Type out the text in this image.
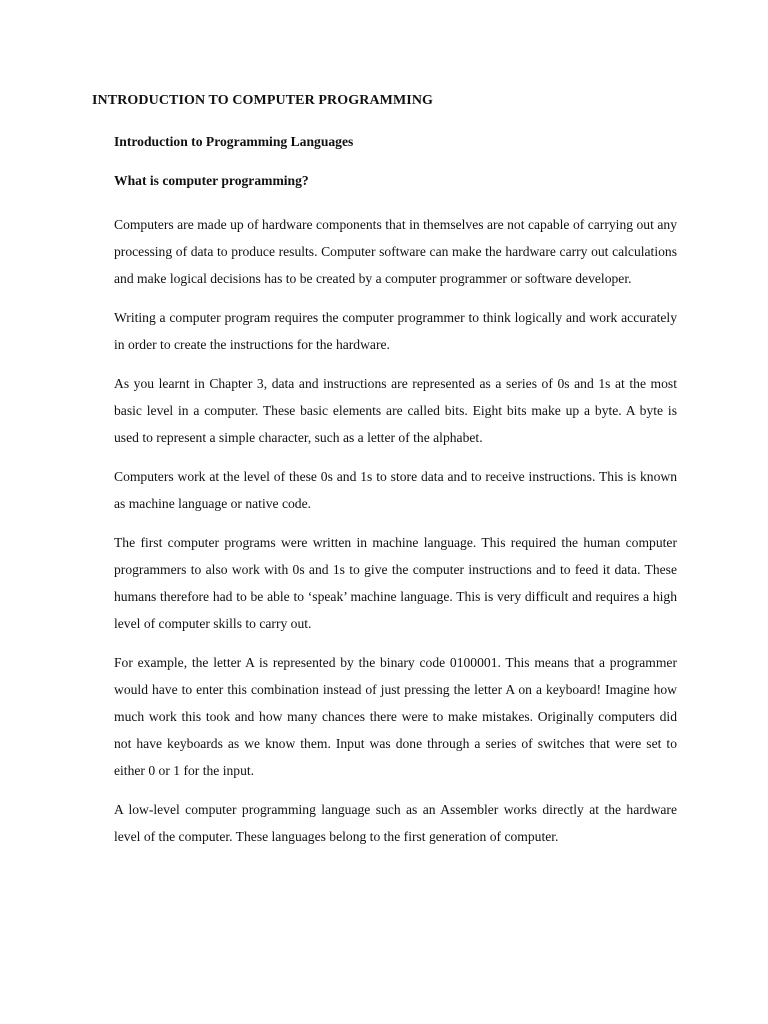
INTRODUCTION TO COMPUTER PROGRAMMING
Introduction to Programming Languages
What is computer programming?

Computers are made up of hardware components that in themselves are not capable of carrying out any processing of data to produce results. Computer software can make the hardware carry out calculations and make logical decisions has to be created by a computer programmer or software developer.

Writing a computer program requires the computer programmer to think logically and work accurately in order to create the instructions for the hardware.

As you learnt in Chapter 3, data and instructions are represented as a series of 0s and 1s at the most basic level in a computer. These basic elements are called bits. Eight bits make up a byte. A byte is used to represent a simple character, such as a letter of the alphabet.

Computers work at the level of these 0s and 1s to store data and to receive instructions. This is known as machine language or native code.

The first computer programs were written in machine language. This required the human computer programmers to also work with 0s and 1s to give the computer instructions and to feed it data. These humans therefore had to be able to ‘speak’ machine language. This is very difficult and requires a high level of computer skills to carry out.

For example, the letter A is represented by the binary code 0100001. This means that a programmer would have to enter this combination instead of just pressing the letter A on a keyboard! Imagine how much work this took and how many chances there were to make mistakes. Originally computers did not have keyboards as we know them. Input was done through a series of switches that were set to either 0 or 1 for the input.

A low-level computer programming language such as an Assembler works directly at the hardware level of the computer. These languages belong to the first generation of computer.
